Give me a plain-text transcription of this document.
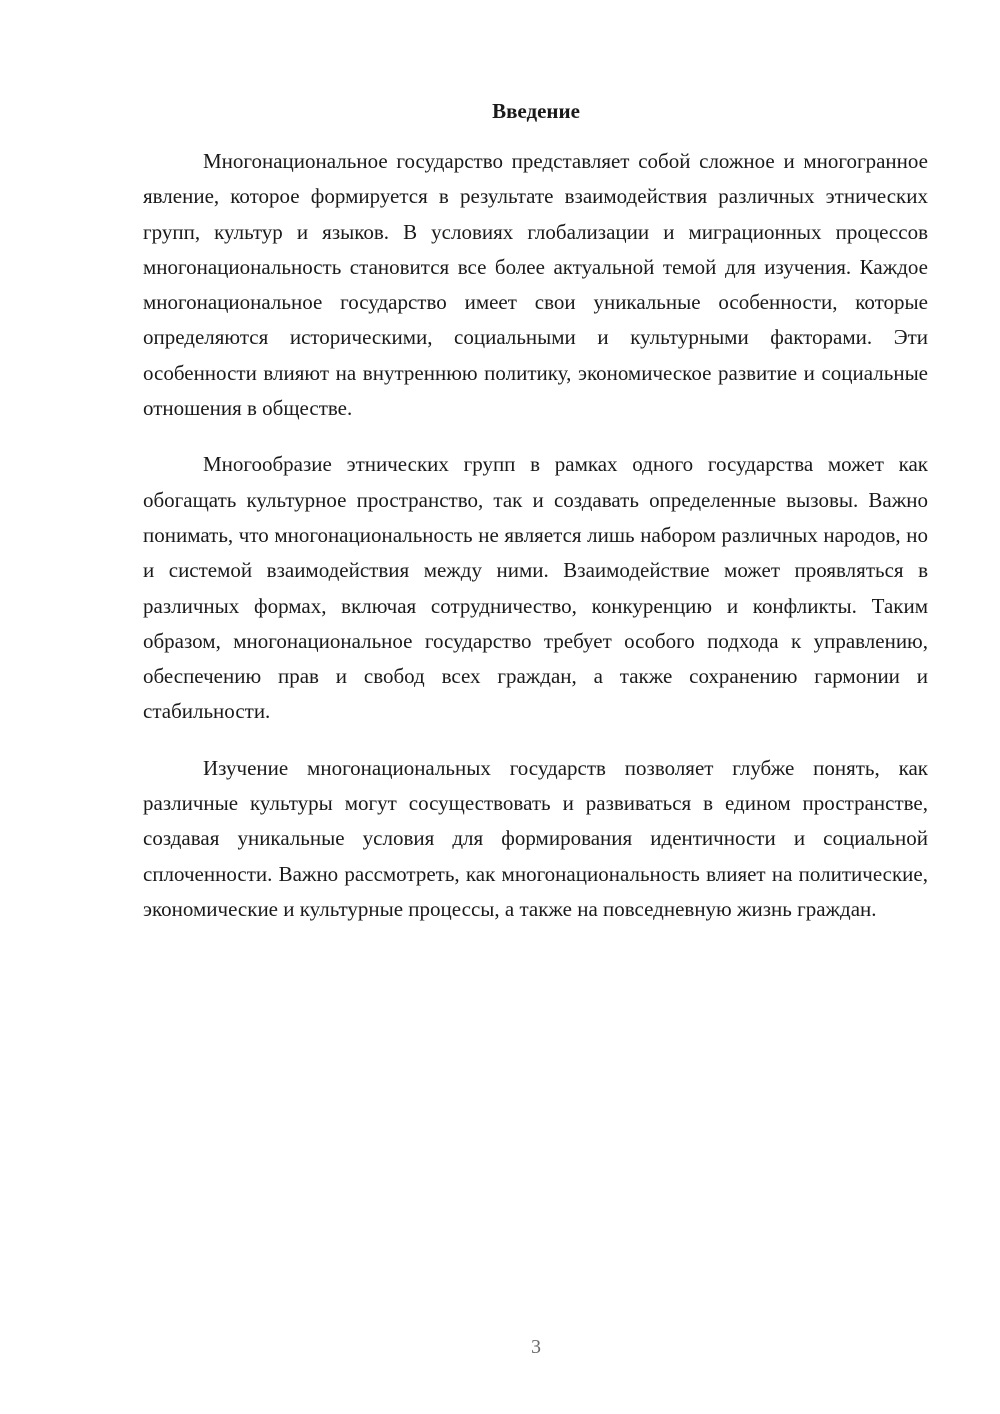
Введение

Многонациональное государство представляет собой сложное и многогранное явление, которое формируется в результате взаимодействия различных этнических групп, культур и языков. В условиях глобализации и миграционных процессов многонациональность становится все более актуальной темой для изучения. Каждое многонациональное государство имеет свои уникальные особенности, которые определяются историческими, социальными и культурными факторами. Эти особенности влияют на внутреннюю политику, экономическое развитие и социальные отношения в обществе.

Многообразие этнических групп в рамках одного государства может как обогащать культурное пространство, так и создавать определенные вызовы. Важно понимать, что многонациональность не является лишь набором различных народов, но и системой взаимодействия между ними. Взаимодействие может проявляться в различных формах, включая сотрудничество, конкуренцию и конфликты. Таким образом, многонациональное государство требует особого подхода к управлению, обеспечению прав и свобод всех граждан, а также сохранению гармонии и стабильности.

Изучение многонациональных государств позволяет глубже понять, как различные культуры могут сосуществовать и развиваться в едином пространстве, создавая уникальные условия для формирования идентичности и социальной сплоченности. Важно рассмотреть, как многонациональность влияет на политические, экономические и культурные процессы, а также на повседневную жизнь граждан.

3
